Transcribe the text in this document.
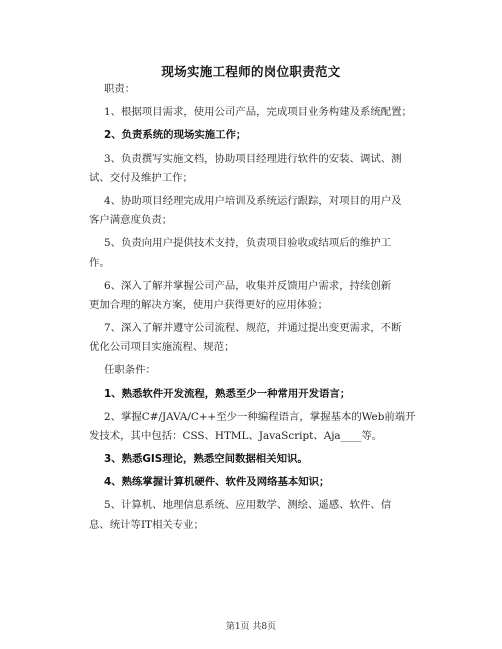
现场实施工程师的岗位职责范文
职责：
1、根据项目需求，使用公司产品，完成项目业务构建及系统配置；
2、负责系统的现场实施工作；
3、负责撰写实施文档，协助项目经理进行软件的安装、调试、测
试、交付及维护工作；
4、协助项目经理完成用户培训及系统运行跟踪，对项目的用户及
客户满意度负责；
5、负责向用户提供技术支持，负责项目验收或结项后的维护工
作。
6、深入了解并掌握公司产品，收集并反馈用户需求，持续创新
更加合理的解决方案，使用户获得更好的应用体验；
7、深入了解并遵守公司流程、规范，并通过提出变更需求，不断
优化公司项目实施流程、规范；
任职条件：
1、熟悉软件开发流程，熟悉至少一种常用开发语言；
2、掌握C#/JAVA/C++至少一种编程语言，掌握基本的Web前端开
发技术，其中包括：CSS、HTML、JavaScript、Aja____等。
3、熟悉GIS理论，熟悉空间数据相关知识。
4、熟练掌握计算机硬件、软件及网络基本知识；
5、计算机、地理信息系统、应用数学、测绘、遥感、软件、信
息、统计等IT相关专业；
第1页 共8页
